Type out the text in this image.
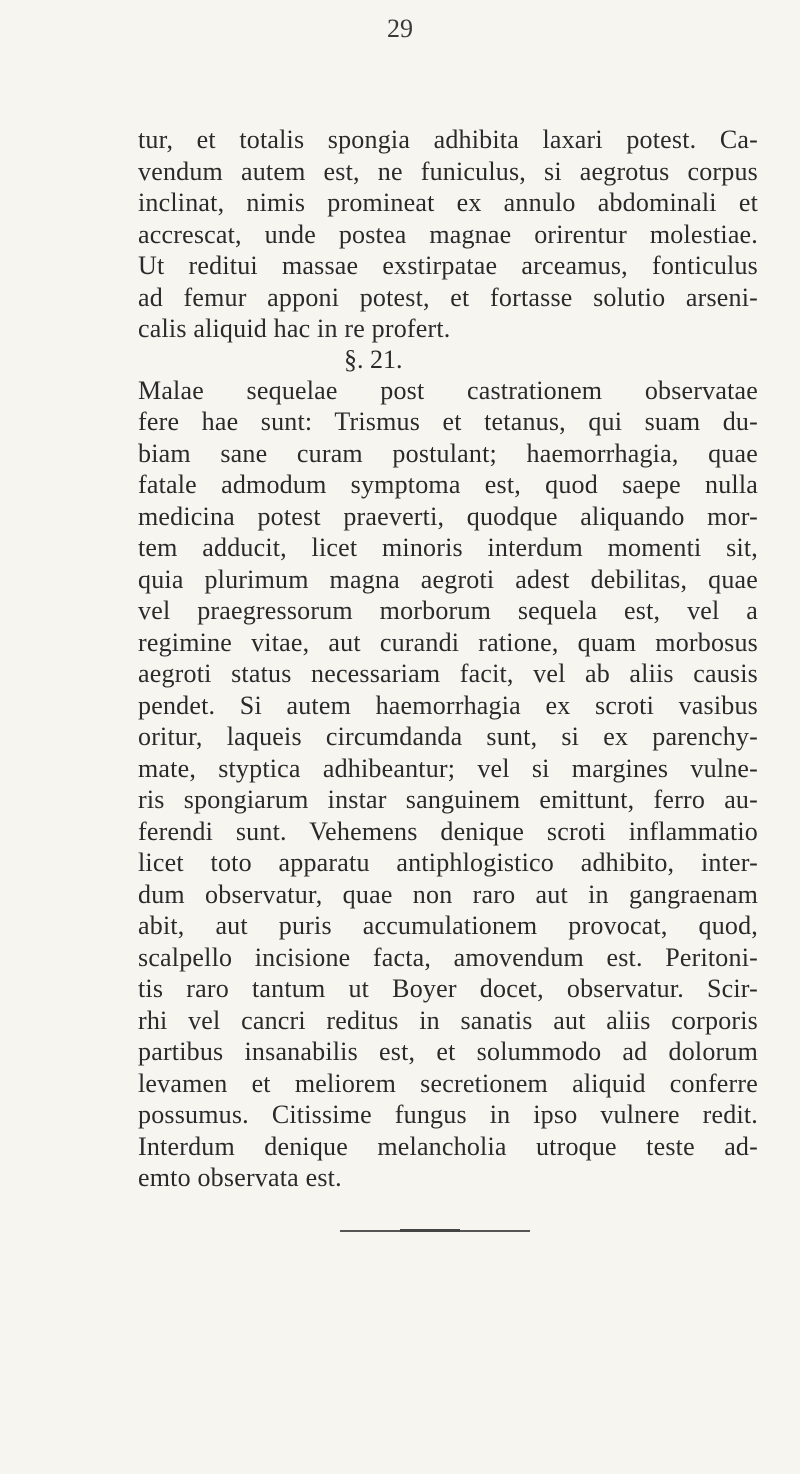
29
tur, et totalis spongia adhibita laxari potest. Ca-
vendum autem est, ne funiculus, si aegrotus corpus
inclinat, nimis promineat ex annulo abdominali et
accrescat, unde postea magnae orirentur molestiae.
Ut reditui massae exstirpatae arceamus, fonticulus
ad femur apponi potest, et fortasse solutio arseni-
calis aliquid hac in re profert.
§. 21.
Malae sequelae post castrationem observatae
fere hae sunt: Trismus et tetanus, qui suam du-
biam sane curam postulant; haemorrhagia, quae
fatale admodum symptoma est, quod saepe nulla
medicina potest praeverti, quodque aliquando mor-
tem adducit, licet minoris interdum momenti sit,
quia plurimum magna aegroti adest debilitas, quae
vel praegressorum morborum sequela est, vel a
regimine vitae, aut curandi ratione, quam morbosus
aegroti status necessariam facit, vel ab aliis causis
pendet. Si autem haemorrhagia ex scroti vasibus
oritur, laqueis circumdanda sunt, si ex parenchy-
mate, styptica adhibeantur; vel si margines vulne-
ris spongiarum instar sanguinem emittunt, ferro au-
ferendi sunt. Vehemens denique scroti inflammatio
licet toto apparatu antiphlogistico adhibito, inter-
dum observatur, quae non raro aut in gangraenam
abit, aut puris accumulationem provocat, quod,
scalpello incisione facta, amovendum est. Peritoni-
tis raro tantum ut Boyer docet, observatur. Scir-
rhi vel cancri reditus in sanatis aut aliis corporis
partibus insanabilis est, et solummodo ad dolorum
levamen et meliorem secretionem aliquid conferre
possumus. Citissime fungus in ipso vulnere redit.
Interdum denique melancholia utroque teste ad-
emto observata est.
